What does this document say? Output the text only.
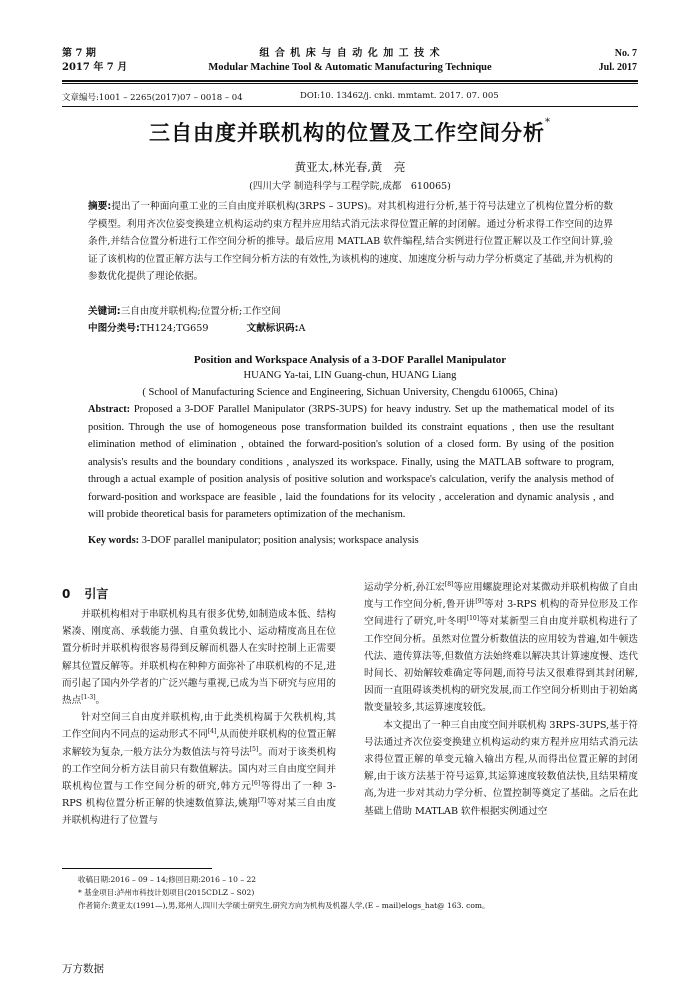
第 7 期
2017 年 7 月
组 合 机 床 与 自 动 化 加 工 技 术
Modular Machine Tool & Automatic Manufacturing Technique
No. 7
Jul. 2017
文章编号:1001 – 2265(2017)07 – 0018 – 04	DOI:10. 13462/j. cnki. mmtamt. 2017. 07. 005
三自由度并联机构的位置及工作空间分析*
黄亚太,林光春,黄　亮
(四川大学 制造科学与工程学院,成都　610065)
摘要:提出了一种面向重工业的三自由度并联机构(3RPS – 3UPS)。对其机构进行分析,基于符号法建立了机构位置分析的数学模型。利用齐次位姿变换建立机构运动约束方程并应用结式消元法求得位置正解的封闭解。通过分析求得工作空间的边界条件,并结合位置分析进行工作空间分析的推导。最后应用 MATLAB 软件编程,结合实例进行位置正解以及工作空间计算,验证了该机构的位置正解方法与工作空间分析方法的有效性,为该机构的速度、加速度分析与动力学分析奠定了基础,并为机构的参数优化提供了理论依据。
关键词:三自由度并联机构;位置分析;工作空间
中图分类号:TH124;TG659	文献标识码:A
Position and Workspace Analysis of a 3-DOF Parallel Manipulator
HUANG Ya-tai, LIN Guang-chun, HUANG Liang
( School of Manufacturing Science and Engineering, Sichuan University, Chengdu 610065, China)
Abstract: Proposed a 3-DOF Parallel Manipulator (3RPS-3UPS) for heavy industry. Set up the mathematical model of its position. Through the use of homogeneous pose transformation builded its constraint equations , then use the resultant elimination method of elimination , obtained the forward-position's solution of a closed form. By using of the position analysis's results and the boundary conditions , analyszed its workspace. Finally, using the MATLAB software to program, through a actual example of position analysis of positive solution and workspace's calculation, verify the analysis method of forward-position and workspace are feasible , laid the foundations for its velocity , acceleration and dynamic analysis , and will probide theoretical basis for parameters optimization of the mechanism.
Key words: 3-DOF parallel manipulator; position analysis; workspace analysis
0 引言

并联机构相对于串联机构具有很多优势,如制造成本低、结构紧凑、刚度高、承载能力强、自重负载比小、运动精度高且在位置分析时并联机构很容易得到反解而机器人在实时控制上正需要解其位置反解等。并联机构在种种方面弥补了串联机构的不足,进而引起了国内外学者的广泛兴趣与重视,已成为当下研究与应用的热点[1-3]。

针对空间三自由度并联机构,由于此类机构属于欠秩机构,其工作空间内不同点的运动形式不同[4],从而使并联机构的位置正解求解较为复杂,一般方法分为数值法与符号法[5]。而对于该类机构的工作空间分析方法目前只有数值解法。国内对三自由度空间并联机构位置与工作空间分析的研究,韩方元[6]等得出了一种 3-RPS 机构位置分析正解的快速数值算法,姚翔[7]等对某三自由度并联机构进行了位置与

运动学分析,孙江宏[8]等应用螺旋理论对某微动并联机构做了自由度与工作空间分析,鲁开讲[9]等对 3-RPS 机构的奇异位形及工作空间进行了研究,叶冬明[10]等对某新型三自由度并联机构进行了工作空间分析。虽然对位置分析数值法的应用较为普遍,如牛顿迭代法、遗传算法等,但数值方法始终难以解决其计算速度慢、迭代时间长、初始解较难确定等问题,而符号法又很难得到其封闭解,因而一直阻碍该类机构的研究发展,而工作空间分析则由于初始离散变量较多,其运算速度较低。

本文提出了一种三自由度空间并联机构 3RPS-3UPS,基于符号法通过齐次位姿变换建立机构运动约束方程并应用结式消元法求得位置正解的单变元输入输出方程,从而得出位置正解的封闭解,由于该方法基于符号运算,其运算速度较数值法快,且结果精度高,为进一步对其动力学分析、位置控制等奠定了基础。之后在此基础上借助 MATLAB 软件根据实例通过空

收稿日期:2016 – 09 – 14;修回日期:2016 – 10 – 22
* 基金项目:泸州市科技计划项目(2015CDLZ – S02)
作者简介:黄亚太(1991—),男,郑州人,四川大学硕士研究生,研究方向为机构及机器人学,(E – mail)elogs_hat@ 163. com。
万方数据
